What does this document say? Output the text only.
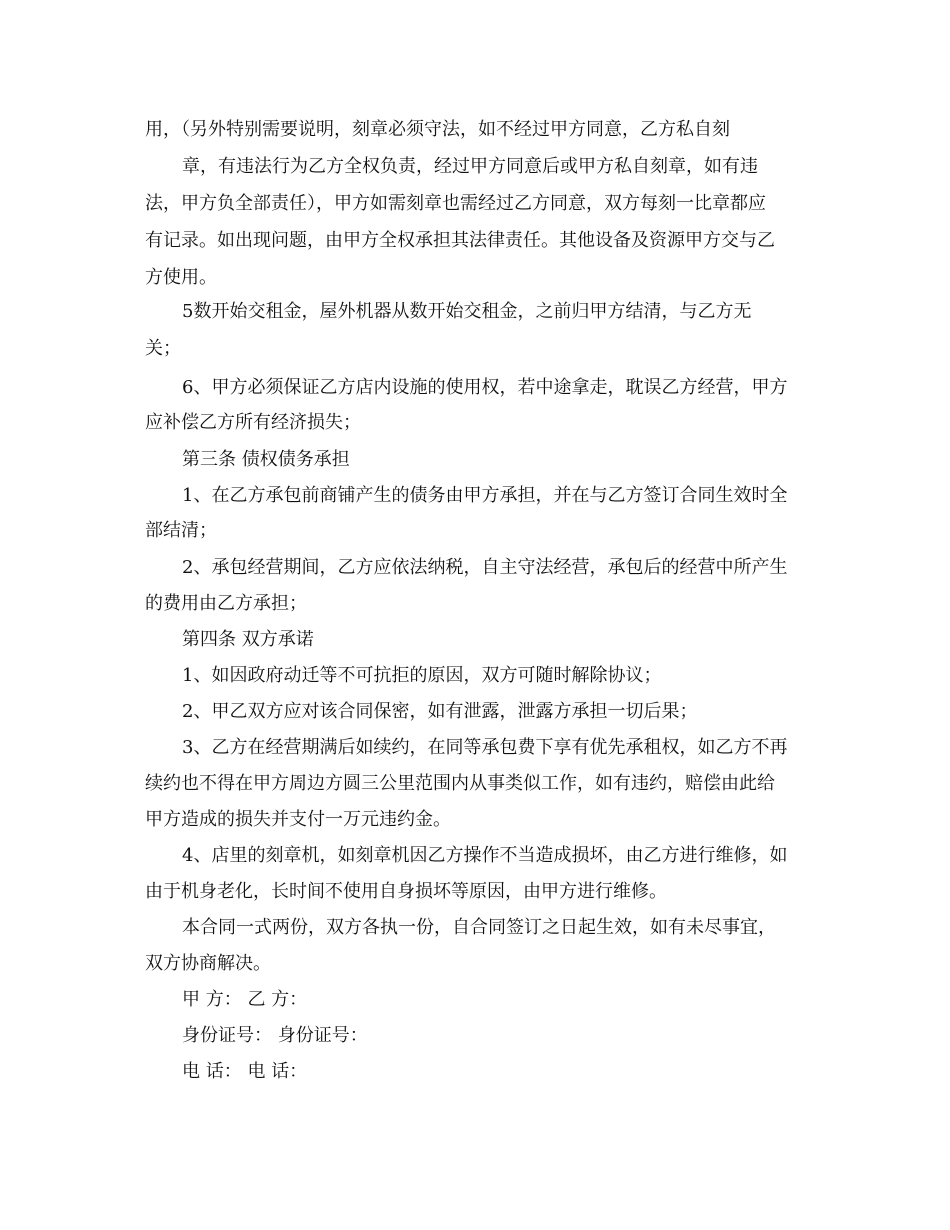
用，（另外特别需要说明，刻章必须守法，如不经过甲方同意，乙方私自刻
章，有违法行为乙方全权负责，经过甲方同意后或甲方私自刻章，如有违
法，甲方负全部责任），甲方如需刻章也需经过乙方同意，双方每刻一比章都应
有记录。如出现问题，由甲方全权承担其法律责任。其他设备及资源甲方交与乙
方使用。
5数开始交租金，屋外机器从数开始交租金，之前归甲方结清，与乙方无
关；
6、甲方必须保证乙方店内设施的使用权，若中途拿走，耽误乙方经营，甲方
应补偿乙方所有经济损失；
第三条 债权债务承担
1、在乙方承包前商铺产生的债务由甲方承担，并在与乙方签订合同生效时全
部结清；
2、承包经营期间，乙方应依法纳税，自主守法经营，承包后的经营中所产生
的费用由乙方承担；
第四条 双方承诺
1、如因政府动迁等不可抗拒的原因，双方可随时解除协议；
2、甲乙双方应对该合同保密，如有泄露，泄露方承担一切后果；
3、乙方在经营期满后如续约，在同等承包费下享有优先承租权，如乙方不再
续约也不得在甲方周边方圆三公里范围内从事类似工作，如有违约，赔偿由此给
甲方造成的损失并支付一万元违约金。
4、店里的刻章机，如刻章机因乙方操作不当造成损坏，由乙方进行维修，如
由于机身老化，长时间不使用自身损坏等原因，由甲方进行维修。
本合同一式两份，双方各执一份，自合同签订之日起生效，如有未尽事宜，
双方协商解决。
甲 方： 乙 方：
身份证号： 身份证号：
电 话： 电 话：
